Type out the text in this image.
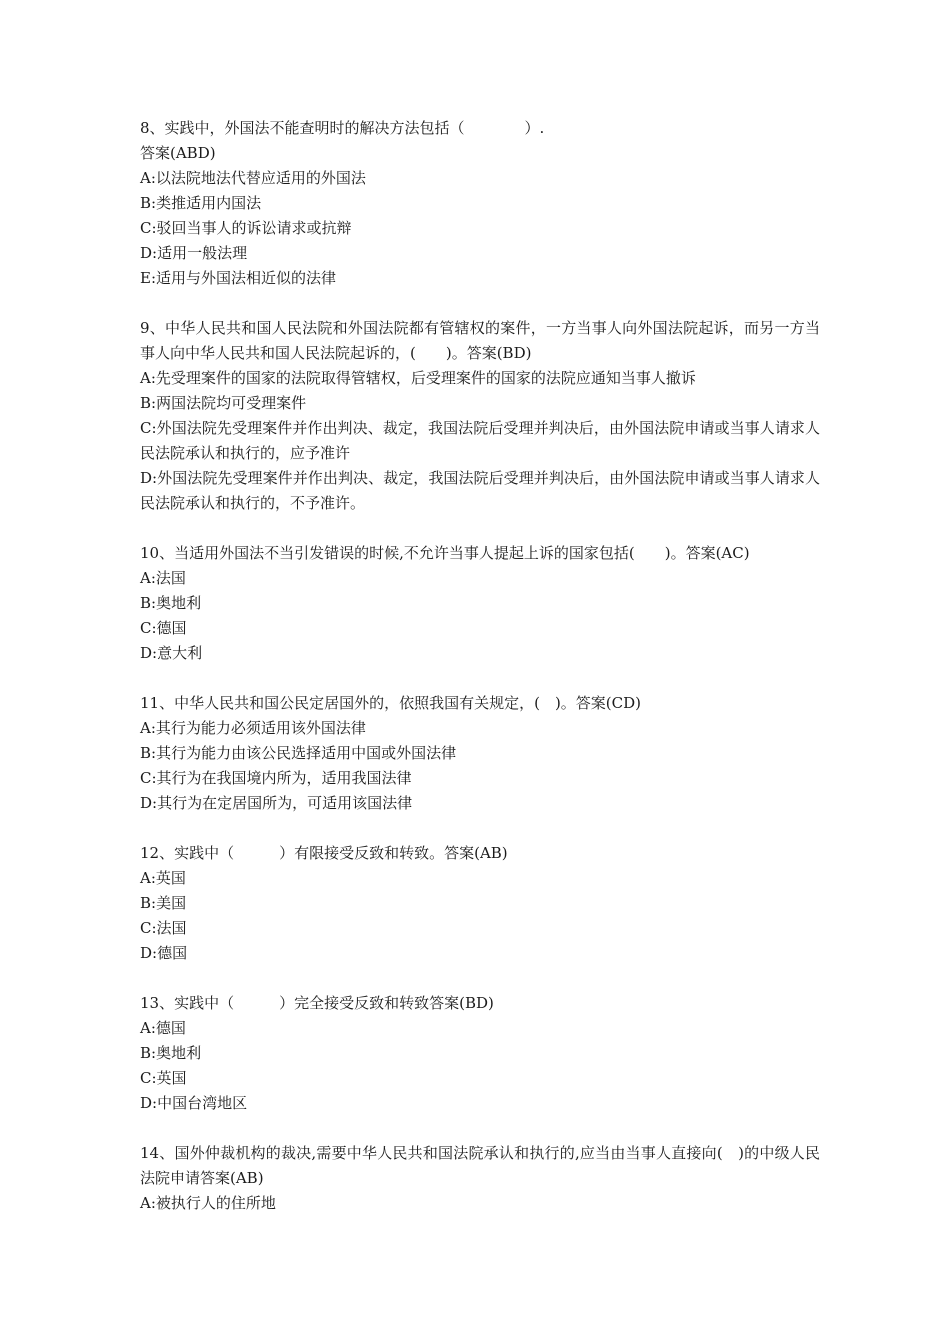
8、实践中，外国法不能查明时的解决方法包括（　　　　）.
答案(ABD)
A:以法院地法代替应适用的外国法
B:类推适用内国法
C:驳回当事人的诉讼请求或抗辩
D:适用一般法理
E:适用与外国法相近似的法律
9、中华人民共和国人民法院和外国法院都有管辖权的案件，一方当事人向外国法院起诉，而另一方当事人向中华人民共和国人民法院起诉的，(　　)。答案(BD)
A:先受理案件的国家的法院取得管辖权，后受理案件的国家的法院应通知当事人撤诉
B:两国法院均可受理案件
C:外国法院先受理案件并作出判决、裁定，我国法院后受理并判决后，由外国法院申请或当事人请求人民法院承认和执行的，应予准许
D:外国法院先受理案件并作出判决、裁定，我国法院后受理并判决后，由外国法院申请或当事人请求人民法院承认和执行的，不予准许。
10、当适用外国法不当引发错误的时候,不允许当事人提起上诉的国家包括(　　)。答案(AC)
A:法国
B:奥地利
C:德国
D:意大利
11、中华人民共和国公民定居国外的，依照我国有关规定，(　)。答案(CD)
A:其行为能力必须适用该外国法律
B:其行为能力由该公民选择适用中国或外国法律
C:其行为在我国境内所为，适用我国法律
D:其行为在定居国所为，可适用该国法律
12、实践中（　　　）有限接受反致和转致。答案(AB)
A:英国
B:美国
C:法国
D:德国
13、实践中（　　　）完全接受反致和转致答案(BD)
A:德国
B:奥地利
C:英国
D:中国台湾地区
14、国外仲裁机构的裁决,需要中华人民共和国法院承认和执行的,应当由当事人直接向(　)的中级人民法院申请答案(AB)
A:被执行人的住所地
